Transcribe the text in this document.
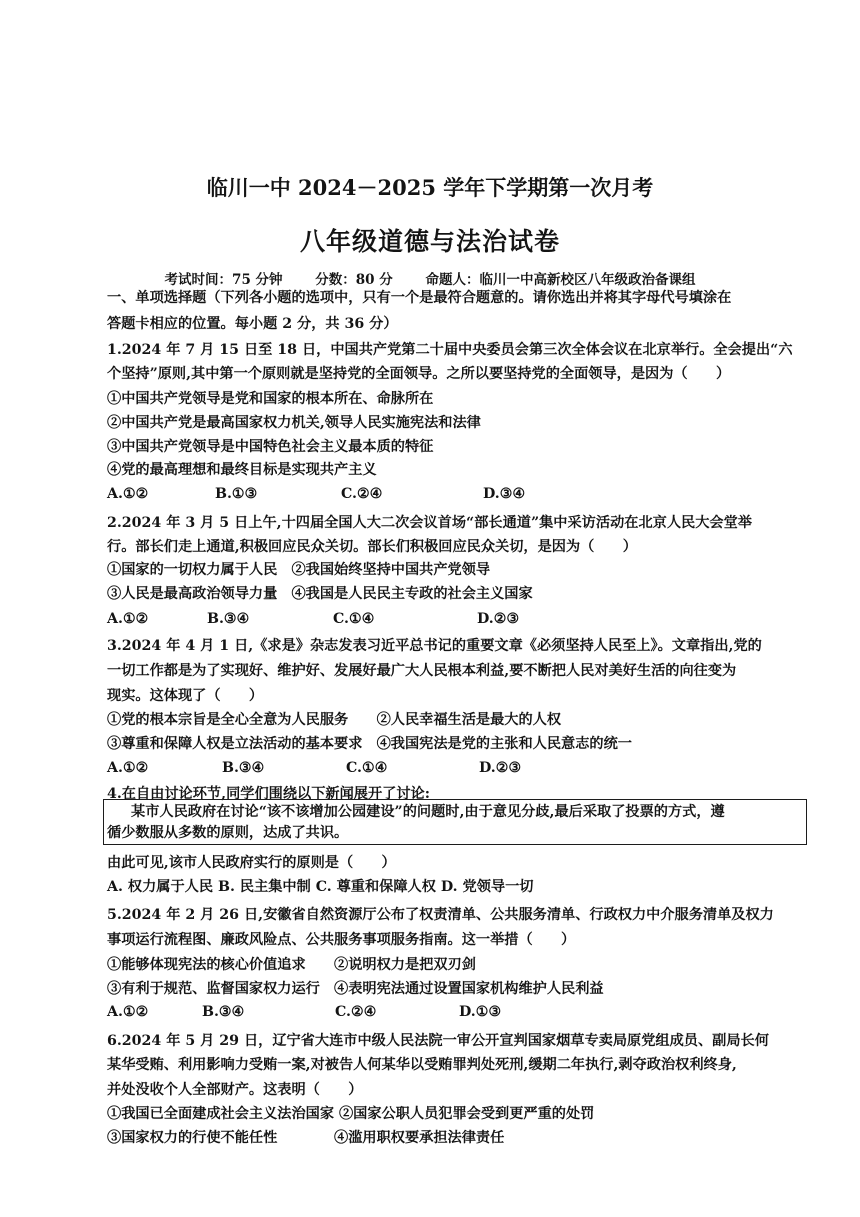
临川一中 2024－2025 学年下学期第一次月考
八年级道德与法治试卷
考试时间：75 分钟 分数：80 分 命题人：临川一中高新校区八年级政治备课组
一、单项选择题（下列各小题的选项中，只有一个是最符合题意的。请你选出并将其字母代号填涂在
答题卡相应的位置。每小题 2 分，共 36 分）
1.2024 年 7 月 15 日至 18 日，中国共产党第二十届中央委员会第三次全体会议在北京举行。全会提出“六
个坚持”原则,其中第一个原则就是坚持党的全面领导。之所以要坚持党的全面领导，是因为（　　）
①中国共产党领导是党和国家的根本所在、命脉所在
②中国共产党是最高国家权力机关,领导人民实施宪法和法律
③中国共产党领导是中国特色社会主义最本质的特征
④党的最高理想和最终目标是实现共产主义
A.①②	B.①③	C.②④	D.③④
2.2024 年 3 月 5 日上午,十四届全国人大二次会议首场“部长通道”集中采访活动在北京人民大会堂举
行。部长们走上通道,积极回应民众关切。部长们积极回应民众关切，是因为（　　）
①国家的一切权力属于人民　②我国始终坚持中国共产党领导
③人民是最高政治领导力量　④我国是人民民主专政的社会主义国家
A.①②	B.③④	C.①④	D.②③
3.2024 年 4 月 1 日,《求是》杂志发表习近平总书记的重要文章《必须坚持人民至上》。文章指出,党的
一切工作都是为了实现好、维护好、发展好最广大人民根本利益,要不断把人民对美好生活的向往变为
现实。这体现了（　　）
①党的根本宗旨是全心全意为人民服务　　②人民幸福生活是最大的人权
③尊重和保障人权是立法活动的基本要求　④我国宪法是党的主张和人民意志的统一
A.①②	B.③④	C.①④	D.②③
4.在自由讨论环节,同学们围绕以下新闻展开了讨论:
某市人民政府在讨论“该不该增加公园建设”的问题时,由于意见分歧,最后采取了投票的方式，遵
循少数服从多数的原则，达成了共识。
由此可见,该市人民政府实行的原则是（　　）
A. 权力属于人民 B. 民主集中制 C. 尊重和保障人权 D. 党领导一切
5.2024 年 2 月 26 日,安徽省自然资源厅公布了权责清单、公共服务清单、行政权力中介服务清单及权力
事项运行流程图、廉政风险点、公共服务事项服务指南。这一举措（　　）
①能够体现宪法的核心价值追求　　②说明权力是把双刃剑
③有利于规范、监督国家权力运行　④表明宪法通过设置国家机构维护人民利益
A.①②	B.③④	C.②④	D.①③
6.2024 年 5 月 29 日，辽宁省大连市中级人民法院一审公开宣判国家烟草专卖局原党组成员、副局长何
某华受贿、利用影响力受贿一案,对被告人何某华以受贿罪判处死刑,缓期二年执行,剥夺政治权利终身,
并处没收个人全部财产。这表明（　　）
①我国已全面建成社会主义法治国家 ②国家公职人员犯罪会受到更严重的处罚
③国家权力的行使不能任性　　　　④滥用职权要承担法律责任
